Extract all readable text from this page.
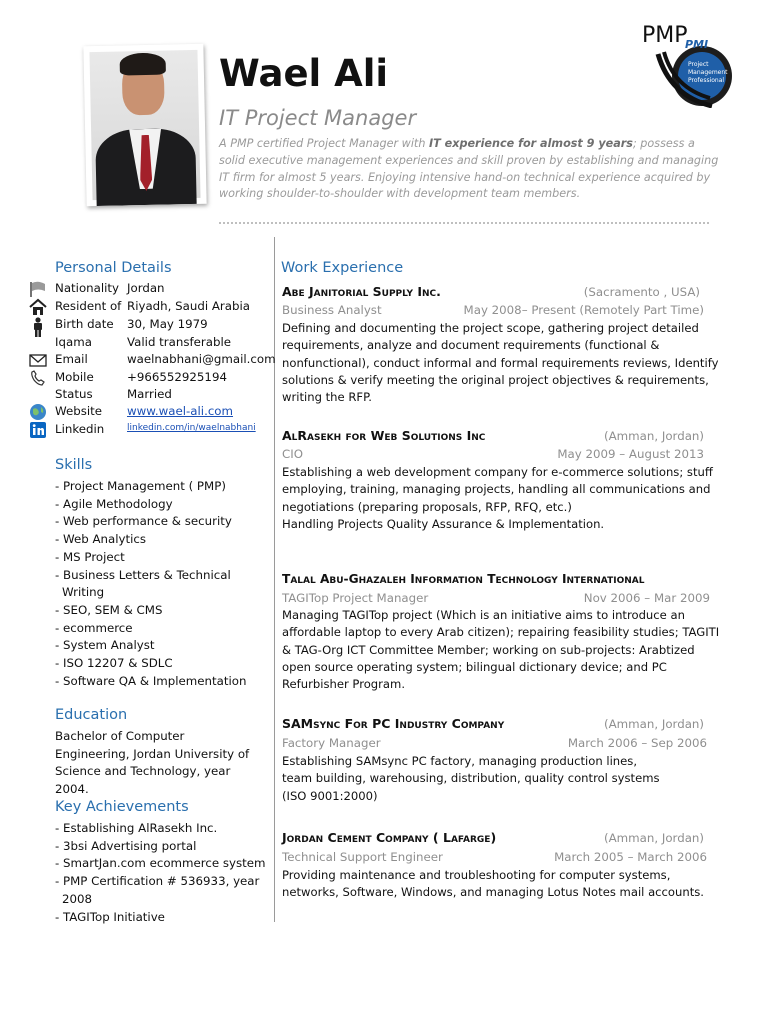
Wael Ali
IT Project Manager
A PMP certified Project Manager with IT experience for almost 9 years; possess a solid executive management experiences and skill proven by establishing and managing IT firm for almost 5 years. Enjoying intensive hand-on technical experience acquired by working shoulder-to-shoulder with development team members.
PMP
PMI
Project
Management
Professional
Personal Details
Nationality Jordan
Resident of Riyadh, Saudi Arabia
Birth date 30, May 1979
Iqama	Valid transferable
Email	waelnabhani@gmail.com
Mobile	+966552925194
Status	Married
Website www.wael-ali.com
Linkedin	linkedin.com/in/waelnabhani
Skills
- Project Management ( PMP)
- Agile Methodology
- Web performance & security
- Web Analytics
- MS Project
- Business Letters & Technical Writing
- SEO, SEM & CMS
- ecommerce
- System Analyst
- ISO 12207 & SDLC
- Software QA & Implementation
Education
Bachelor of Computer Engineering, Jordan University of Science and Technology, year 2004.
Key Achievements
- Establishing AlRasekh Inc.
- 3bsi Advertising portal
- SmartJan.com ecommerce system
- PMP Certification # 536933, year 2008
- TAGITop Initiative
Work Experience
Abe Janitorial Supply Inc.	(Sacramento , USA)
Business Analyst	May 2008– Present (Remotely Part Time)
Defining and documenting the project scope, gathering project detailed requirements, analyze and document requirements (functional & nonfunctional), conduct informal and formal requirements reviews, Identify solutions & verify meeting the original project objectives & requirements, writing the RFP.
AlRasekh for Web Solutions Inc	(Amman, Jordan)
CIO	May 2009 – August 2013
Establishing a web development company for e-commerce solutions; stuff employing, training, managing projects, handling all communications and negotiations (preparing proposals, RFP, RFQ, etc.)
Handling Projects Quality Assurance & Implementation.
Talal Abu-Ghazaleh Information Technology International
TAGITop Project Manager	Nov 2006 – Mar 2009
Managing TAGITop project (Which is an initiative aims to introduce an affordable laptop to every Arab citizen); repairing feasibility studies; TAGITI & TAG-Org ICT Committee Member; working on sub-projects: Arabtized open source operating system; bilingual dictionary device; and PC Refurbisher Program.
SAMsync For PC Industry Company	(Amman, Jordan)
Factory Manager	March 2006 – Sep 2006
Establishing SAMsync PC factory, managing production lines, team building, warehousing, distribution, quality control systems (ISO 9001:2000)
Jordan Cement Company ( Lafarge)	(Amman, Jordan)
Technical Support Engineer	March 2005 – March 2006
Providing maintenance and troubleshooting for computer systems, networks, Software, Windows, and managing Lotus Notes mail accounts.
